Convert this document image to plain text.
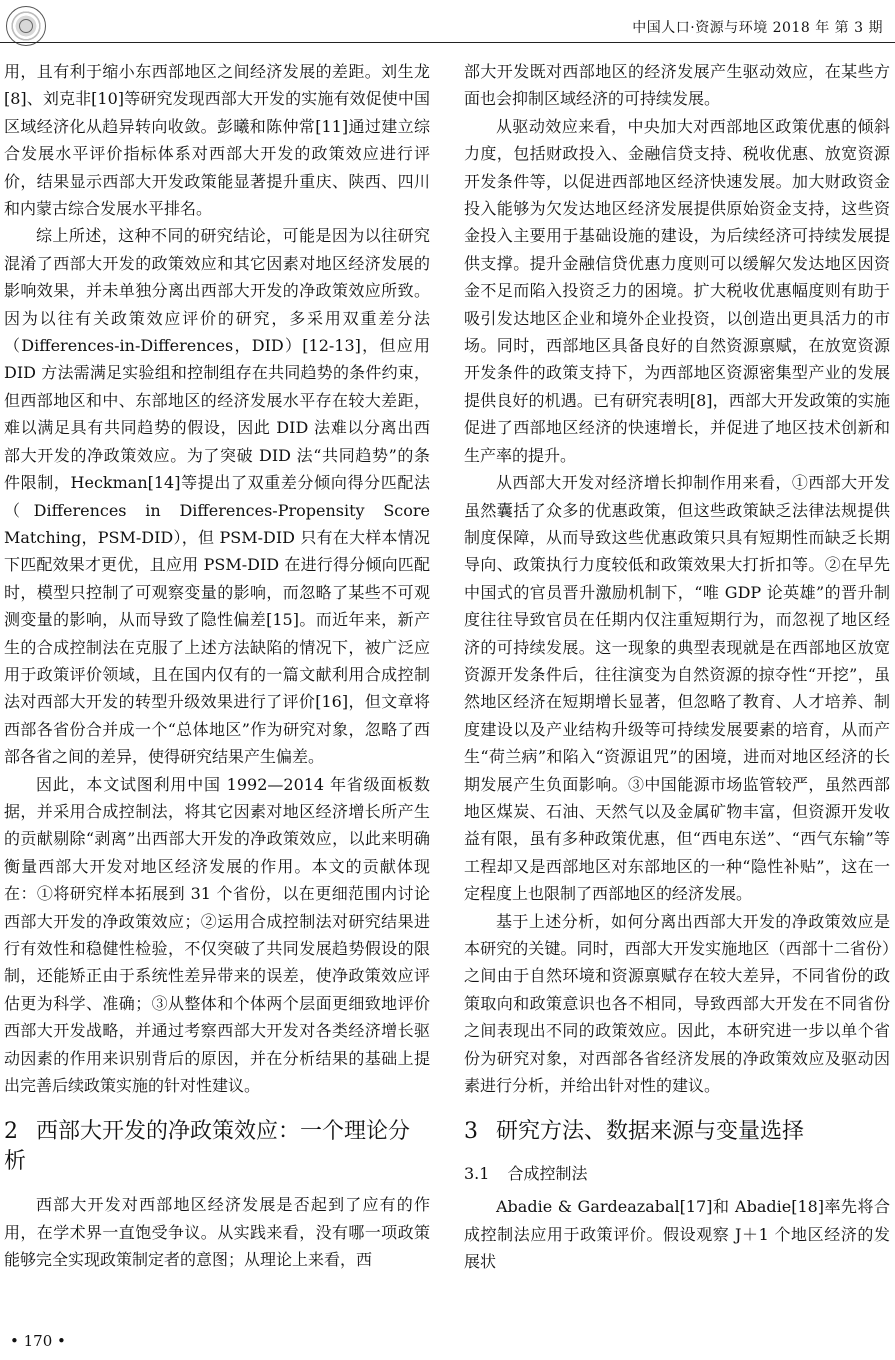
中国人口·资源与环境 2018 年 第 3 期

用，且有利于缩小东西部地区之间经济发展的差距。刘生龙[8]、刘克非[10]等研究发现西部大开发的实施有效促使中国区域经济化从趋异转向收敛。彭曦和陈仲常[11]通过建立综合发展水平评价指标体系对西部大开发的政策效应进行评价，结果显示西部大开发政策能显著提升重庆、陕西、四川和内蒙古综合发展水平排名。

综上所述，这种不同的研究结论，可能是因为以往研究混淆了西部大开发的政策效应和其它因素对地区经济发展的影响效果，并未单独分离出西部大开发的净政策效应所致。因为以往有关政策效应评价的研究，多采用双重差分法（Differences-in-Differences，DID）[12-13]，但应用 DID 方法需满足实验组和控制组存在共同趋势的条件约束，但西部地区和中、东部地区的经济发展水平存在较大差距，难以满足具有共同趋势的假设，因此 DID 法难以分离出西部大开发的净政策效应。为了突破 DID 法“共同趋势”的条件限制，Heckman[14]等提出了双重差分倾向得分匹配法（Differences in Differences-Propensity Score Matching，PSM-DID），但 PSM-DID 只有在大样本情况下匹配效果才更优，且应用 PSM-DID 在进行得分倾向匹配时，模型只控制了可观察变量的影响，而忽略了某些不可观测变量的影响，从而导致了隐性偏差[15]。而近年来，新产生的合成控制法在克服了上述方法缺陷的情况下，被广泛应用于政策评价领域，且在国内仅有的一篇文献利用合成控制法对西部大开发的转型升级效果进行了评价[16]，但文章将西部各省份合并成一个“总体地区”作为研究对象，忽略了西部各省之间的差异，使得研究结果产生偏差。

因此，本文试图利用中国 1992—2014 年省级面板数据，并采用合成控制法，将其它因素对地区经济增长所产生的贡献剔除“剥离”出西部大开发的净政策效应，以此来明确衡量西部大开发对地区经济发展的作用。本文的贡献体现在：①将研究样本拓展到 31 个省份，以在更细范围内讨论西部大开发的净政策效应；②运用合成控制法对研究结果进行有效性和稳健性检验，不仅突破了共同发展趋势假设的限制，还能矫正由于系统性差异带来的误差，使净政策效应评估更为科学、准确；③从整体和个体两个层面更细致地评价西部大开发战略，并通过考察西部大开发对各类经济增长驱动因素的作用来识别背后的原因，并在分析结果的基础上提出完善后续政策实施的针对性建议。

2 西部大开发的净政策效应：一个理论分析

西部大开发对西部地区经济发展是否起到了应有的作用，在学术界一直饱受争议。从实践来看，没有哪一项政策能够完全实现政策制定者的意图；从理论上来看，西

部大开发既对西部地区的经济发展产生驱动效应，在某些方面也会抑制区域经济的可持续发展。

从驱动效应来看，中央加大对西部地区政策优惠的倾斜力度，包括财政投入、金融信贷支持、税收优惠、放宽资源开发条件等，以促进西部地区经济快速发展。加大财政资金投入能够为欠发达地区经济发展提供原始资金支持，这些资金投入主要用于基础设施的建设，为后续经济可持续发展提供支撑。提升金融信贷优惠力度则可以缓解欠发达地区因资金不足而陷入投资乏力的困境。扩大税收优惠幅度则有助于吸引发达地区企业和境外企业投资，以创造出更具活力的市场。同时，西部地区具备良好的自然资源禀赋，在放宽资源开发条件的政策支持下，为西部地区资源密集型产业的发展提供良好的机遇。已有研究表明[8]，西部大开发政策的实施促进了西部地区经济的快速增长，并促进了地区技术创新和生产率的提升。

从西部大开发对经济增长抑制作用来看，①西部大开发虽然囊括了众多的优惠政策，但这些政策缺乏法律法规提供制度保障，从而导致这些优惠政策只具有短期性而缺乏长期导向、政策执行力度较低和政策效果大打折扣等。②在早先中国式的官员晋升激励机制下，“唯 GDP 论英雄”的晋升制度往往导致官员在任期内仅注重短期行为，而忽视了地区经济的可持续发展。这一现象的典型表现就是在西部地区放宽资源开发条件后，往往演变为自然资源的掠夺性“开挖”，虽然地区经济在短期增长显著，但忽略了教育、人才培养、制度建设以及产业结构升级等可持续发展要素的培育，从而产生“荷兰病”和陷入“资源诅咒”的困境，进而对地区经济的长期发展产生负面影响。③中国能源市场监管较严，虽然西部地区煤炭、石油、天然气以及金属矿物丰富，但资源开发收益有限，虽有多种政策优惠，但“西电东送”、“西气东输”等工程却又是西部地区对东部地区的一种“隐性补贴”，这在一定程度上也限制了西部地区的经济发展。

基于上述分析，如何分离出西部大开发的净政策效应是本研究的关键。同时，西部大开发实施地区（西部十二省份）之间由于自然环境和资源禀赋存在较大差异，不同省份的政策取向和政策意识也各不相同，导致西部大开发在不同省份之间表现出不同的政策效应。因此，本研究进一步以单个省份为研究对象，对西部各省经济发展的净政策效应及驱动因素进行分析，并给出针对性的建议。

3 研究方法、数据来源与变量选择
3.1 合成控制法

Abadie & Gardeazabal[17]和 Abadie[18]率先将合成控制法应用于政策评价。假设观察 J＋1 个地区经济的发展状

• 170 •
